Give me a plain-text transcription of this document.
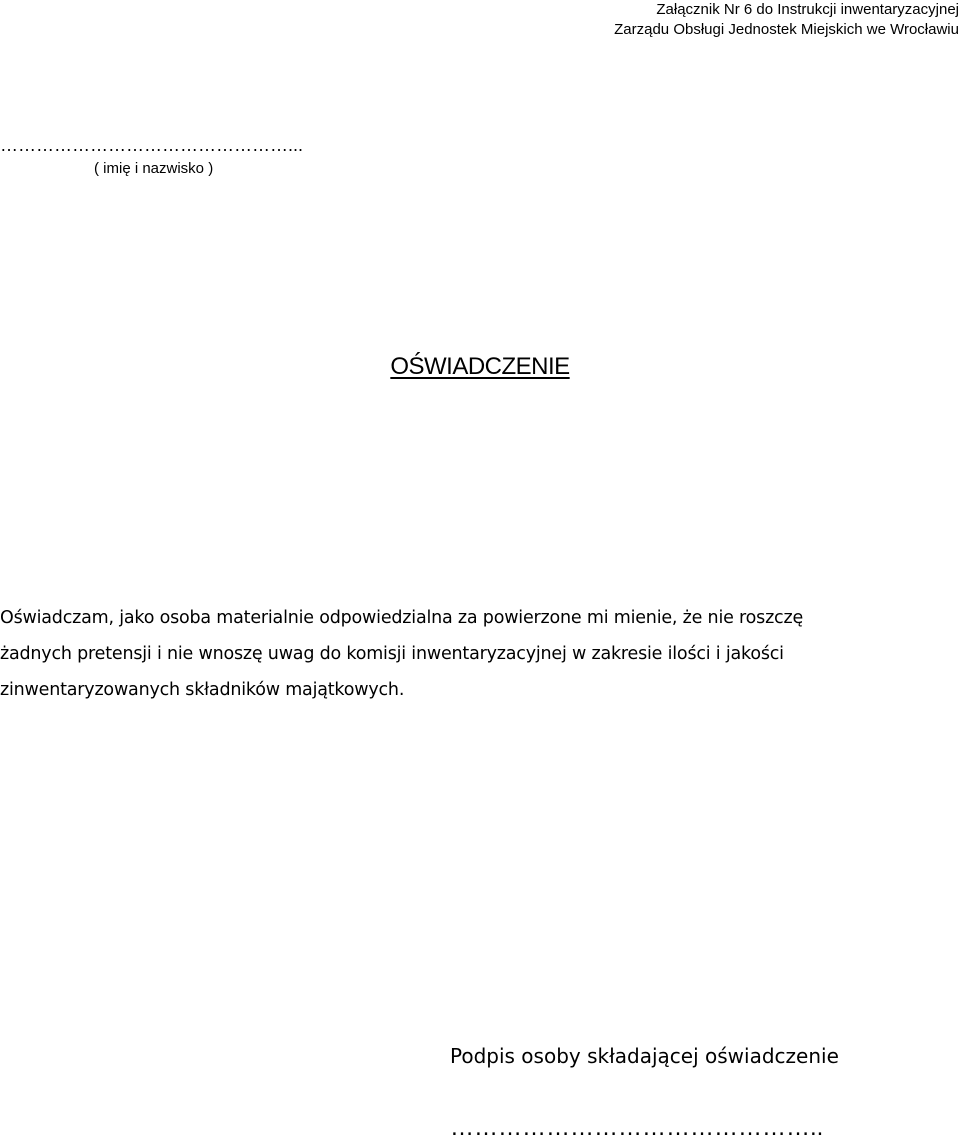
Załącznik Nr 6 do Instrukcji inwentaryzacyjnej
Zarządu Obsługi Jednostek Miejskich we Wrocławiu
…………………………………………...
( imię i nazwisko )
OŚWIADCZENIE
Oświadczam, jako osoba materialnie odpowiedzialna za powierzone mi mienie, że nie roszczę
żadnych pretensji i nie wnoszę uwag do komisji inwentaryzacyjnej w zakresie ilości i jakości
zinwentaryzowanych składników majątkowych.
Podpis osoby składającej oświadczenie
………………………………………..
